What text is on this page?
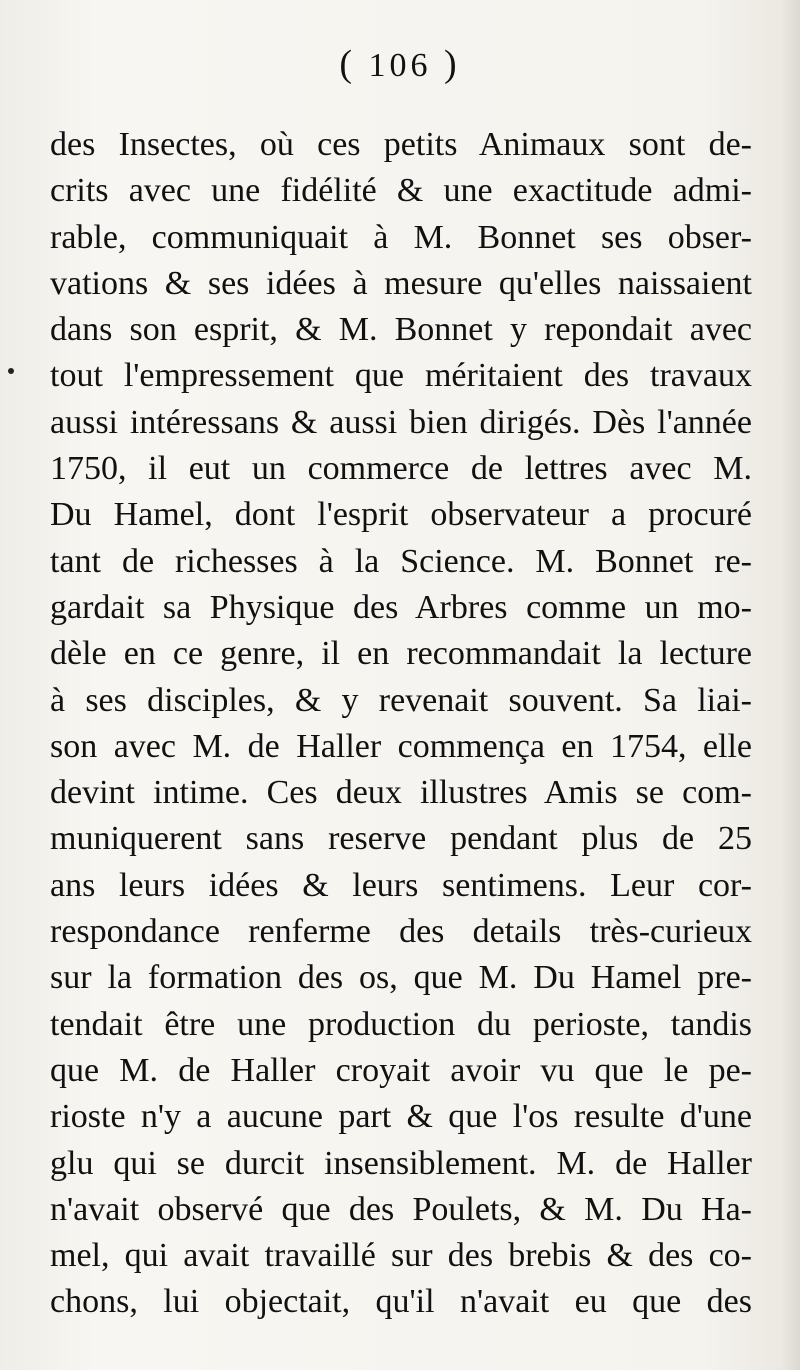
( 106 )
des Insectes, où ces petits Animaux sont de-
crits avec une fidélité & une exactitude admi-
rable, communiquait à M. Bonnet ses obser-
vations & ses idées à mesure qu'elles naissaient
dans son esprit, & M. Bonnet y repondait avec
tout l'empressement que méritaient des travaux
aussi intéressans & aussi bien dirigés. Dès l'année
1750, il eut un commerce de lettres avec M.
Du Hamel, dont l'esprit observateur a procuré
tant de richesses à la Science. M. Bonnet re-
gardait sa Physique des Arbres comme un mo-
dèle en ce genre, il en recommandait la lecture
à ses disciples, & y revenait souvent. Sa liai-
son avec M. de Haller commença en 1754, elle
devint intime. Ces deux illustres Amis se com-
muniquerent sans reserve pendant plus de 25
ans leurs idées & leurs sentimens. Leur cor-
respondance renferme des details très-curieux
sur la formation des os, que M. Du Hamel pre-
tendait être une production du perioste, tandis
que M. de Haller croyait avoir vu que le pe-
rioste n'y a aucune part & que l'os resulte d'une
glu qui se durcit insensiblement. M. de Haller
n'avait observé que des Poulets, & M. Du Ha-
mel, qui avait travaillé sur des brebis & des co-
chons, lui objectait, qu'il n'avait eu que des
